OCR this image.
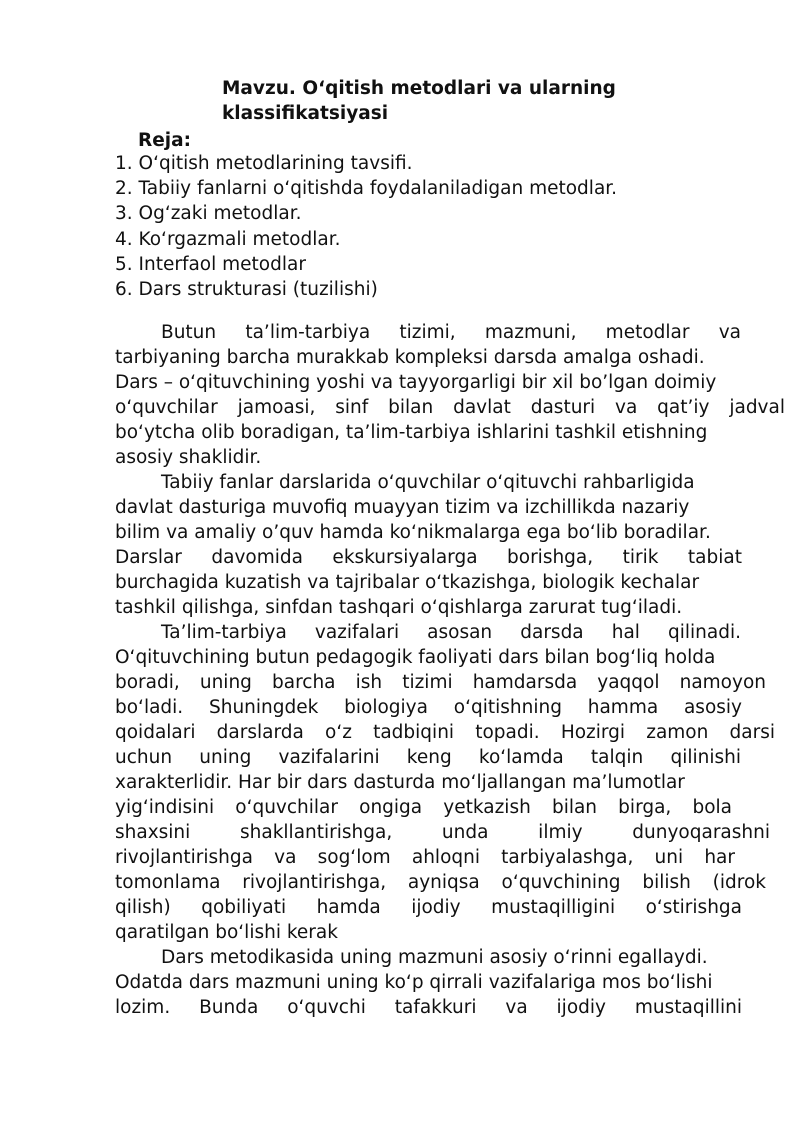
Mavzu. O‘qitish metodlari va ularning
klassifikatsiyasi
Reja:
1. O‘qitish metodlarining tavsifi.
2. Tabiiy fanlarni o‘qitishda foydalaniladigan metodlar.
3. Og‘zaki metodlar.
4. Ko‘rgazmali metodlar.
5. Interfaol metodlar
6. Dars strukturasi (tuzilishi)
Butun ta’lim-tarbiya tizimi, mazmuni, metodlar va
tarbiyaning barcha murakkab kompleksi darsda amalga oshadi.
Dars – o‘qituvchining yoshi va tayyorgarligi bir xil bo’lgan doimiy
o‘quvchilar jamoasi, sinf bilan davlat dasturi va qat’iy jadval
bo‘ytcha olib boradigan, ta’lim-tarbiya ishlarini tashkil etishning
asosiy shaklidir.
Tabiiy fanlar darslarida o‘quvchilar o‘qituvchi rahbarligida
davlat dasturiga muvofiq muayyan tizim va izchillikda nazariy
bilim va amaliy o’quv hamda ko‘nikmalarga ega bo‘lib boradilar.
Darslar davomida ekskursiyalarga borishga, tirik tabiat
burchagida kuzatish va tajribalar o‘tkazishga, biologik kechalar
tashkil qilishga, sinfdan tashqari o‘qishlarga zarurat tug‘iladi.
Ta’lim-tarbiya vazifalari asosan darsda hal qilinadi.
O‘qituvchining butun pedagogik faoliyati dars bilan bog‘liq holda
boradi, uning barcha ish tizimi hamdarsda yaqqol namoyon
bo‘ladi. Shuningdek biologiya o‘qitishning hamma asosiy
qoidalari darslarda o‘z tadbiqini topadi. Hozirgi zamon darsi
uchun uning vazifalarini keng ko‘lamda talqin qilinishi
xarakterlidir. Har bir dars dasturda mo‘ljallangan ma’lumotlar
yig‘indisini o‘quvchilar ongiga yetkazish bilan birga, bola
shaxsini shakllantirishga, unda ilmiy dunyoqarashni
rivojlantirishga va sog‘lom ahloqni tarbiyalashga, uni har
tomonlama rivojlantirishga, ayniqsa o‘quvchining bilish (idrok
qilish) qobiliyati hamda ijodiy mustaqilligini o‘stirishga
qaratilgan bo‘lishi kerak
Dars metodikasida uning mazmuni asosiy o‘rinni egallaydi.
Odatda dars mazmuni uning ko‘p qirrali vazifalariga mos bo‘lishi
lozim. Bunda o‘quvchi tafakkuri va ijodiy mustaqillini
